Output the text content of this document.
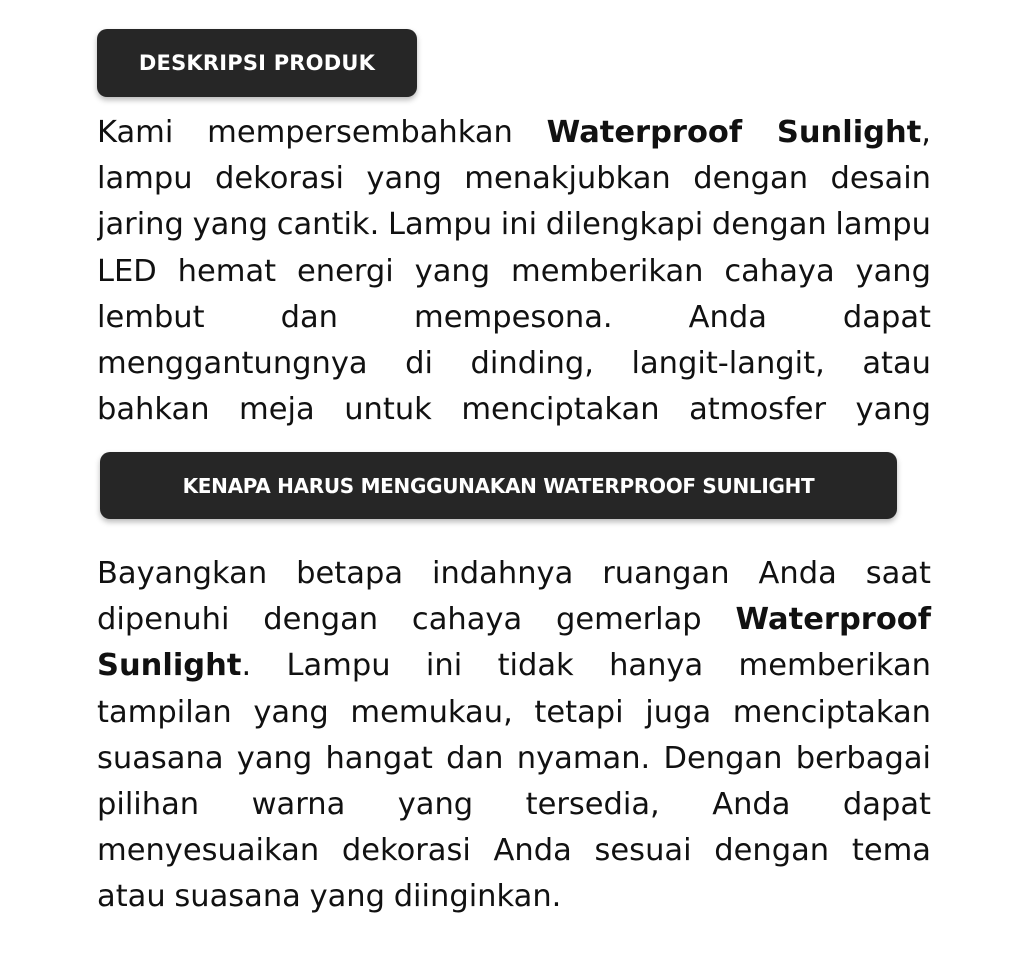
DESKRIPSI PRODUK

Kami mempersembahkan Waterproof Sunlight, lampu dekorasi yang menakjubkan dengan desain jaring yang cantik. Lampu ini dilengkapi dengan lampu LED hemat energi yang memberikan cahaya yang lembut dan mempesona. Anda dapat menggantungnya di dinding, langit-langit, atau bahkan meja untuk menciptakan atmosfer yang

KENAPA HARUS MENGGUNAKAN WATERPROOF SUNLIGHT

Bayangkan betapa indahnya ruangan Anda saat dipenuhi dengan cahaya gemerlap Waterproof Sunlight. Lampu ini tidak hanya memberikan tampilan yang memukau, tetapi juga menciptakan suasana yang hangat dan nyaman. Dengan berbagai pilihan warna yang tersedia, Anda dapat menyesuaikan dekorasi Anda sesuai dengan tema atau suasana yang diinginkan.
